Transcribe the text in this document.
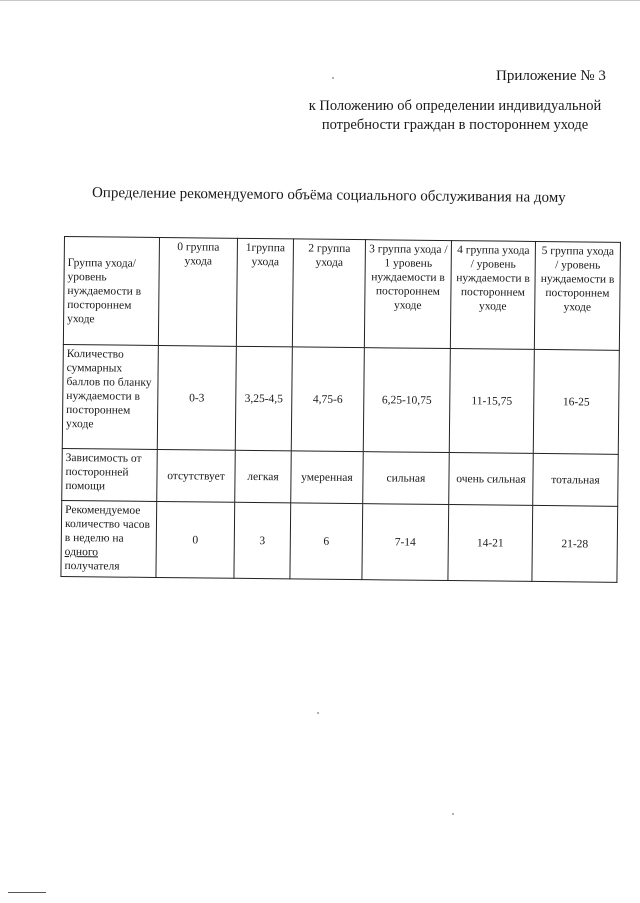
Приложение № 3
к Положению об определении индивидуальной
потребности граждан в постороннем уходе
Определение рекомендуемого объёма социального обслуживания на дому
Группа ухода/ уровень нуждаемости в постороннем уходе	0 группа ухода	1группа ухода	2 группа ухода	3 группа ухода / 1 уровень нуждаемости в постороннем уходе	4 группа ухода / уровень нуждаемости в постороннем уходе	5 группа ухода / уровень нуждаемости в постороннем уходе
Количество суммарных баллов по бланку нуждаемости в постороннем уходе	0-3	3,25-4,5	4,75-6	6,25-10,75	11-15,75	16-25
Зависимость от посторонней помощи	отсутствует	легкая	умеренная	сильная	очень сильная	тотальная
Рекомендуемое количество часов в неделю на одного получателя	0	3	6	7-14	14-21	21-28
